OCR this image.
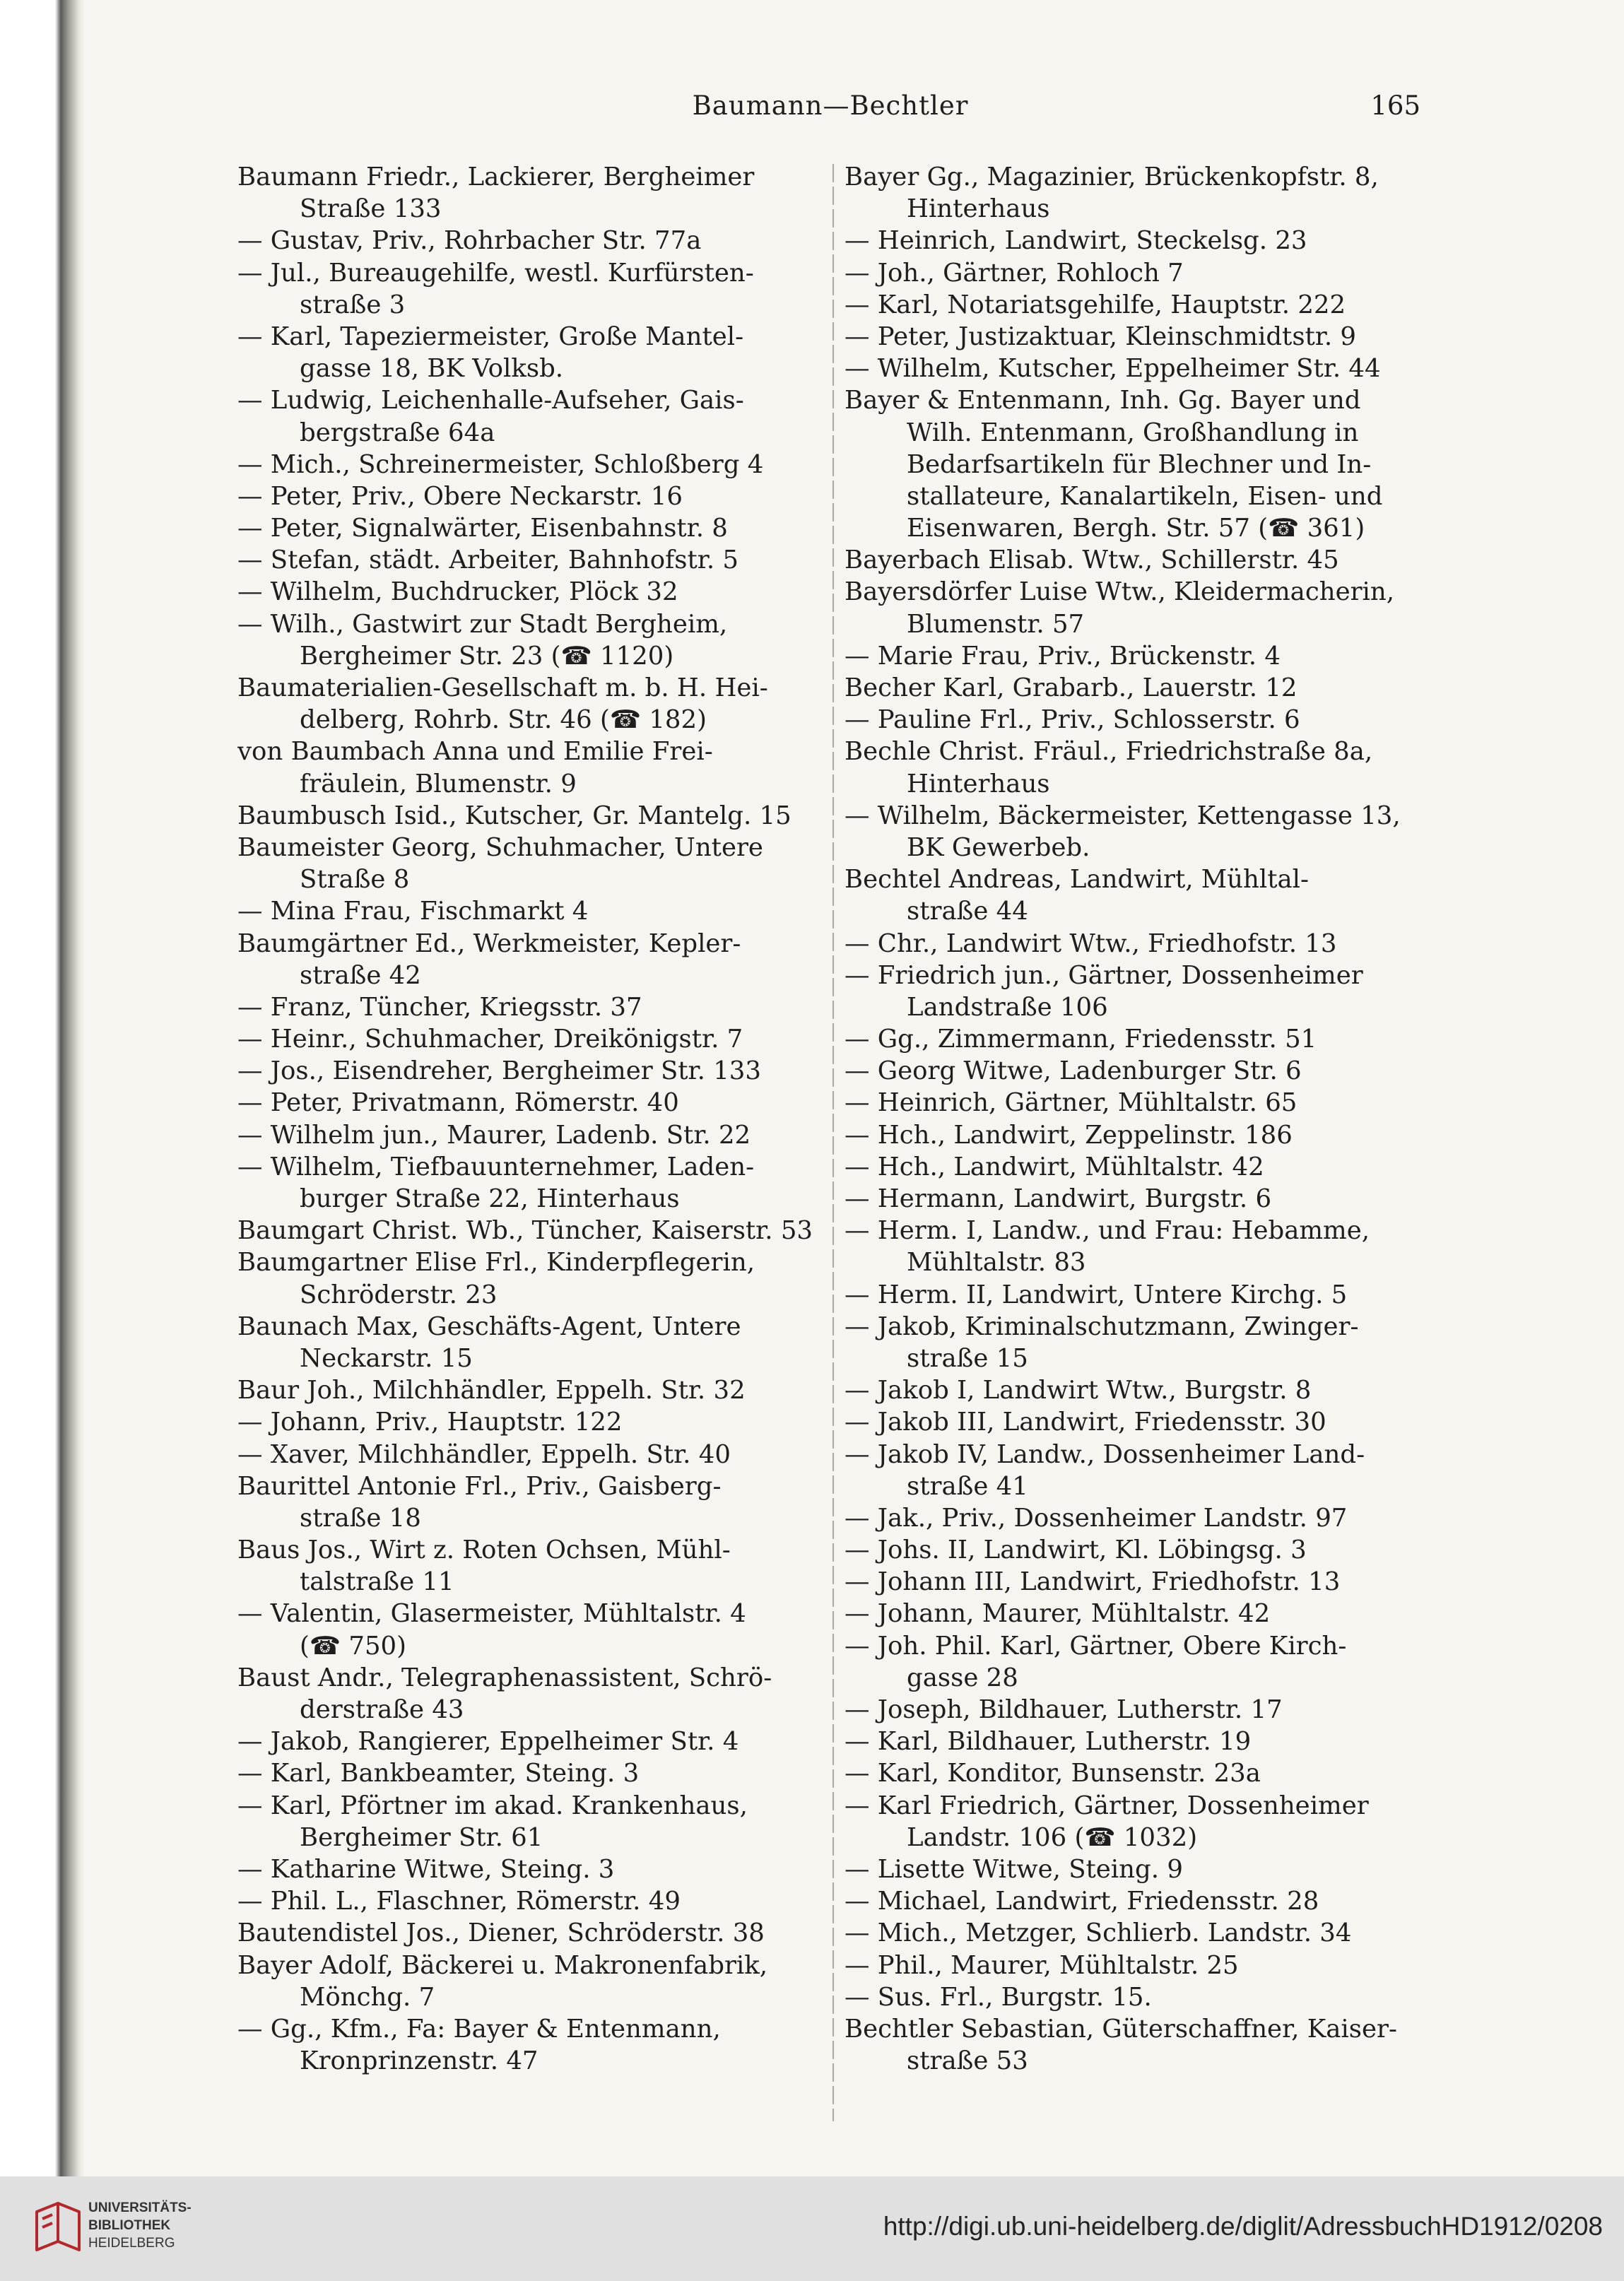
Baumann—Bechtler	165
Baumann Friedr., Lackierer, Bergheimer
Straße 133
— Gustav, Priv., Rohrbacher Str. 77a
— Jul., Bureaugehilfe, westl. Kurfürsten-
straße 3
— Karl, Tapeziermeister, Große Mantel-
gasse 18, BK Volksb.
— Ludwig, Leichenhalle-Aufseher, Gais-
bergstraße 64a
— Mich., Schreinermeister, Schloßberg 4
— Peter, Priv., Obere Neckarstr. 16
— Peter, Signalwärter, Eisenbahnstr. 8
— Stefan, städt. Arbeiter, Bahnhofstr. 5
— Wilhelm, Buchdrucker, Plöck 32
— Wilh., Gastwirt zur Stadt Bergheim,
Bergheimer Str. 23 (☎ 1120)
Baumaterialien-Gesellschaft m. b. H. Hei-
delberg, Rohrb. Str. 46 (☎ 182)
von Baumbach Anna und Emilie Frei-
fräulein, Blumenstr. 9
Baumbusch Isid., Kutscher, Gr. Mantelg. 15
Baumeister Georg, Schuhmacher, Untere
Straße 8
— Mina Frau, Fischmarkt 4
Baumgärtner Ed., Werkmeister, Kepler-
straße 42
— Franz, Tüncher, Kriegsstr. 37
— Heinr., Schuhmacher, Dreikönigstr. 7
— Jos., Eisendreher, Bergheimer Str. 133
— Peter, Privatmann, Römerstr. 40
— Wilhelm jun., Maurer, Ladenb. Str. 22
— Wilhelm, Tiefbauunternehmer, Laden-
burger Straße 22, Hinterhaus
Baumgart Christ. Wb., Tüncher, Kaiserstr. 53
Baumgartner Elise Frl., Kinderpflegerin,
Schröderstr. 23
Baunach Max, Geschäfts-Agent, Untere
Neckarstr. 15
Baur Joh., Milchhändler, Eppelh. Str. 32
— Johann, Priv., Hauptstr. 122
— Xaver, Milchhändler, Eppelh. Str. 40
Baurittel Antonie Frl., Priv., Gaisberg-
straße 18
Baus Jos., Wirt z. Roten Ochsen, Mühl-
talstraße 11
— Valentin, Glasermeister, Mühltalstr. 4
(☎ 750)
Baust Andr., Telegraphenassistent, Schrö-
derstraße 43
— Jakob, Rangierer, Eppelheimer Str. 4
— Karl, Bankbeamter, Steing. 3
— Karl, Pförtner im akad. Krankenhaus,
Bergheimer Str. 61
— Katharine Witwe, Steing. 3
— Phil. L., Flaschner, Römerstr. 49
Bautendistel Jos., Diener, Schröderstr. 38
Bayer Adolf, Bäckerei u. Makronenfabrik,
Mönchg. 7
— Gg., Kfm., Fa: Bayer & Entenmann,
Kronprinzenstr. 47
Bayer Gg., Magazinier, Brückenkopfstr. 8,
Hinterhaus
— Heinrich, Landwirt, Steckelsg. 23
— Joh., Gärtner, Rohloch 7
— Karl, Notariatsgehilfe, Hauptstr. 222
— Peter, Justizaktuar, Kleinschmidtstr. 9
— Wilhelm, Kutscher, Eppelheimer Str. 44
Bayer & Entenmann, Inh. Gg. Bayer und
Wilh. Entenmann, Großhandlung in
Bedarfsartikeln für Blechner und In-
stallateure, Kanalartikeln, Eisen- und
Eisenwaren, Bergh. Str. 57 (☎ 361)
Bayerbach Elisab. Wtw., Schillerstr. 45
Bayersdörfer Luise Wtw., Kleidermacherin,
Blumenstr. 57
— Marie Frau, Priv., Brückenstr. 4
Becher Karl, Grabarb., Lauerstr. 12
— Pauline Frl., Priv., Schlosserstr. 6
Bechle Christ. Fräul., Friedrichstraße 8a,
Hinterhaus
— Wilhelm, Bäckermeister, Kettengasse 13,
BK Gewerbeb.
Bechtel Andreas, Landwirt, Mühltal-
straße 44
— Chr., Landwirt Wtw., Friedhofstr. 13
— Friedrich jun., Gärtner, Dossenheimer
Landstraße 106
— Gg., Zimmermann, Friedensstr. 51
— Georg Witwe, Ladenburger Str. 6
— Heinrich, Gärtner, Mühltalstr. 65
— Hch., Landwirt, Zeppelinstr. 186
— Hch., Landwirt, Mühltalstr. 42
— Hermann, Landwirt, Burgstr. 6
— Herm. I, Landw., und Frau: Hebamme,
Mühltalstr. 83
— Herm. II, Landwirt, Untere Kirchg. 5
— Jakob, Kriminalschutzmann, Zwinger-
straße 15
— Jakob I, Landwirt Wtw., Burgstr. 8
— Jakob III, Landwirt, Friedensstr. 30
— Jakob IV, Landw., Dossenheimer Land-
straße 41
— Jak., Priv., Dossenheimer Landstr. 97
— Johs. II, Landwirt, Kl. Löbingsg. 3
— Johann III, Landwirt, Friedhofstr. 13
— Johann, Maurer, Mühltalstr. 42
— Joh. Phil. Karl, Gärtner, Obere Kirch-
gasse 28
— Joseph, Bildhauer, Lutherstr. 17
— Karl, Bildhauer, Lutherstr. 19
— Karl, Konditor, Bunsenstr. 23a
— Karl Friedrich, Gärtner, Dossenheimer
Landstr. 106 (☎ 1032)
— Lisette Witwe, Steing. 9
— Michael, Landwirt, Friedensstr. 28
— Mich., Metzger, Schlierb. Landstr. 34
— Phil., Maurer, Mühltalstr. 25
— Sus. Frl., Burgstr. 15.
Bechtler Sebastian, Güterschaffner, Kaiser-
straße 53
UNIVERSITÄTS-
BIBLIOTHEK
HEIDELBERG
http://digi.ub.uni-heidelberg.de/diglit/AdressbuchHD1912/0208
